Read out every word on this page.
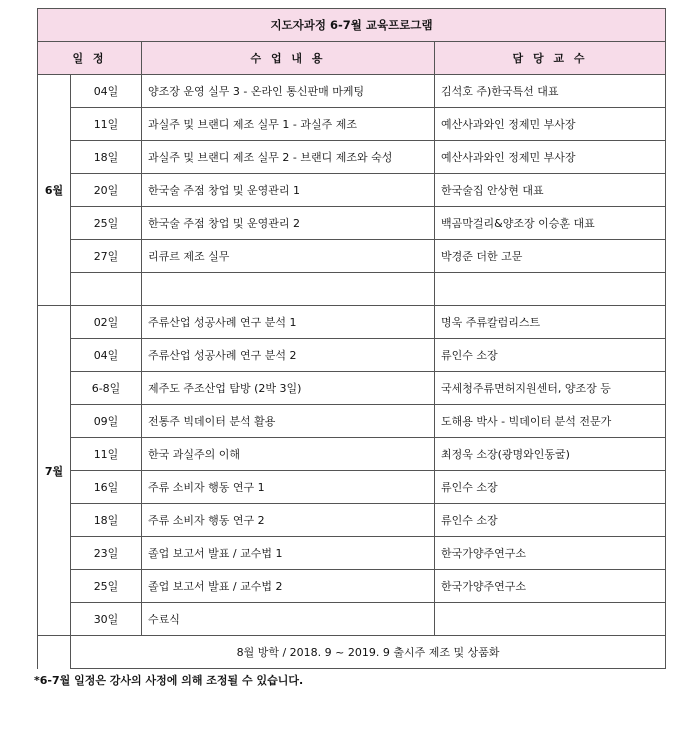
지도자과정 6-7월 교육프로그램			
일 정		수 업 내 용	담 당 교 수
6월	04일	양조장 운영 실무 3 - 온라인 통신판매 마케팅	김석호 주)한국특선 대표
	11일	과실주 및 브랜디 제조 실무 1 - 과실주 제조	예산사과와인 정제민 부사장
	18일	과실주 및 브랜디 제조 실무 2 - 브랜디 제조와 숙성	예산사과와인 정제민 부사장
	20일	한국술 주점 창업 및 운영관리 1	한국술집 안상현 대표
	25일	한국술 주점 창업 및 운영관리 2	백곰막걸리&양조장 이승훈 대표
	27일	리큐르 제조 실무	박경준 더한 고문

7월	02일	주류산업 성공사례 연구 분석 1	명욱 주류칼럼리스트
	04일	주류산업 성공사례 연구 분석 2	류인수 소장
	6-8일	제주도 주조산업 탐방 (2박 3일)	국세청주류면허지원센터, 양조장 등
	09일	전통주 빅데이터 분석 활용	도해용 박사 - 빅데이터 분석 전문가
	11일	한국 과실주의 이해	최정욱 소장(광명와인동굴)
	16일	주류 소비자 행동 연구 1	류인수 소장
	18일	주류 소비자 행동 연구 2	류인수 소장
	23일	졸업 보고서 발표 / 교수법 1	한국가양주연구소
	25일	졸업 보고서 발표 / 교수법 2	한국가양주연구소
	30일	수료식	
	8월 방학 / 2018. 9 ~ 2019. 9 출시주 제조 및 상품화		
*6-7월 일정은 강사의 사정에 의해 조정될 수 있습니다.
